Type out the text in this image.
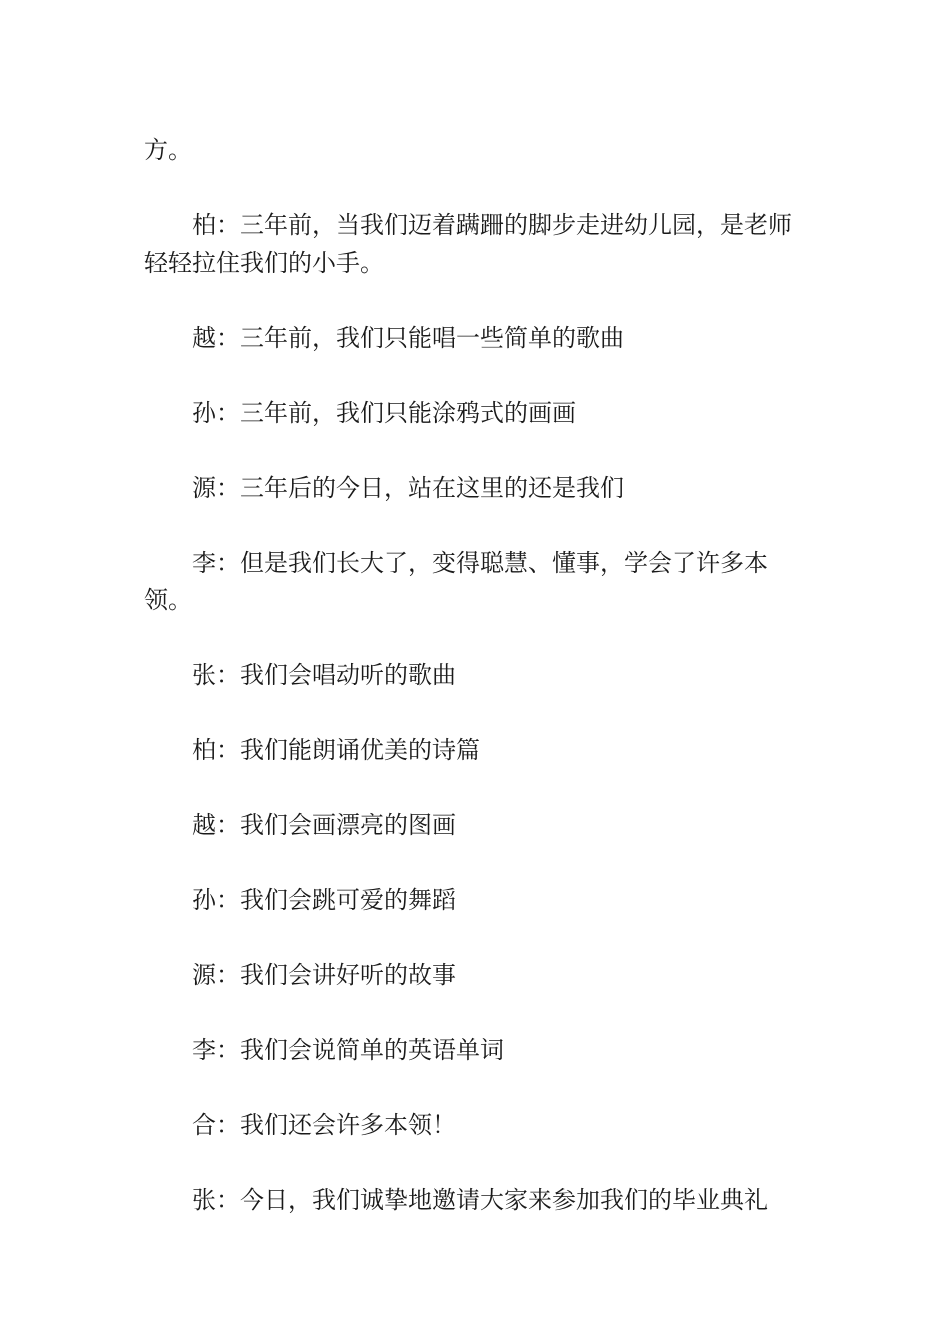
方。

柏：三年前，当我们迈着蹒跚的脚步走进幼儿园，是老师轻轻拉住我们的小手。

越：三年前，我们只能唱一些简单的歌曲

孙：三年前，我们只能涂鸦式的画画

源：三年后的今日，站在这里的还是我们

李：但是我们长大了，变得聪慧、懂事，学会了许多本领。

张：我们会唱动听的歌曲

柏：我们能朗诵优美的诗篇

越：我们会画漂亮的图画

孙：我们会跳可爱的舞蹈

源：我们会讲好听的故事

李：我们会说简单的英语单词

合：我们还会许多本领！

张：今日，我们诚挚地邀请大家来参加我们的毕业典礼
